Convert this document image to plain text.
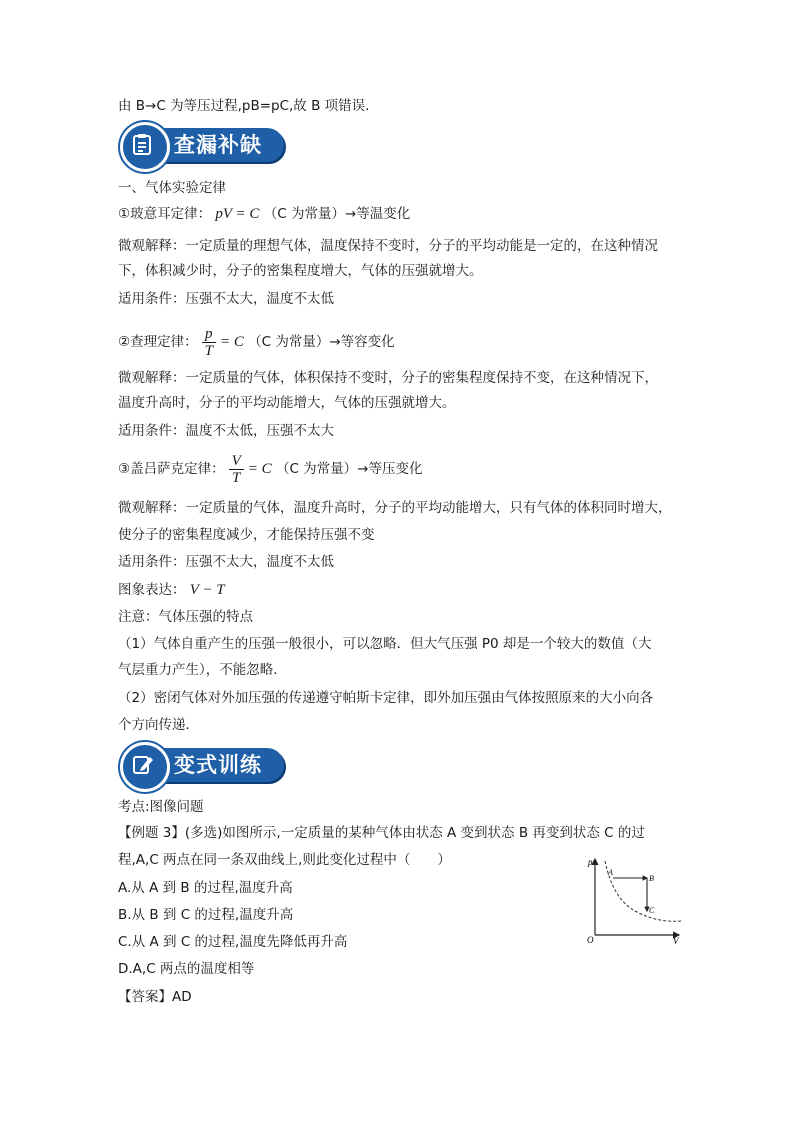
由 B→C 为等压过程,pB=pC,故 B 项错误.
查漏补缺
一、气体实验定律
①玻意耳定律： pV = C （C 为常量）→等温变化
微观解释：一定质量的理想气体，温度保持不变时，分子的平均动能是一定的，在这种情况
下，体积减少时，分子的密集程度增大，气体的压强就增大。
适用条件：压强不太大，温度不太低
②查理定律： $\frac{p}{T} = C$ （C 为常量）→等容变化
微观解释：一定质量的气体，体积保持不变时，分子的密集程度保持不变，在这种情况下，
温度升高时，分子的平均动能增大，气体的压强就增大。
适用条件：温度不太低，压强不太大
③盖吕萨克定律： $\frac{V}{T} = C$ （C 为常量）→等压变化
微观解释：一定质量的气体，温度升高时，分子的平均动能增大，只有气体的体积同时增大，
使分子的密集程度减少，才能保持压强不变
适用条件：压强不太大，温度不太低
图象表达： V − T
注意：气体压强的特点
（1）气体自重产生的压强一般很小，可以忽略．但大气压强 P0 却是一个较大的数值（大
气层重力产生），不能忽略．
（2）密闭气体对外加压强的传递遵守帕斯卡定律，即外加压强由气体按照原来的大小向各
个方向传递．
变式训练
考点:图像问题
【例题 3】(多选)如图所示,一定质量的某种气体由状态 A 变到状态 B 再变到状态 C 的过
程,A,C 两点在同一条双曲线上,则此变化过程中（　　）
A.从 A 到 B 的过程,温度升高
B.从 B 到 C 的过程,温度升高
C.从 A 到 C 的过程,温度先降低再升高
D.A,C 两点的温度相等
【答案】AD
p
V
O
A
B
C
